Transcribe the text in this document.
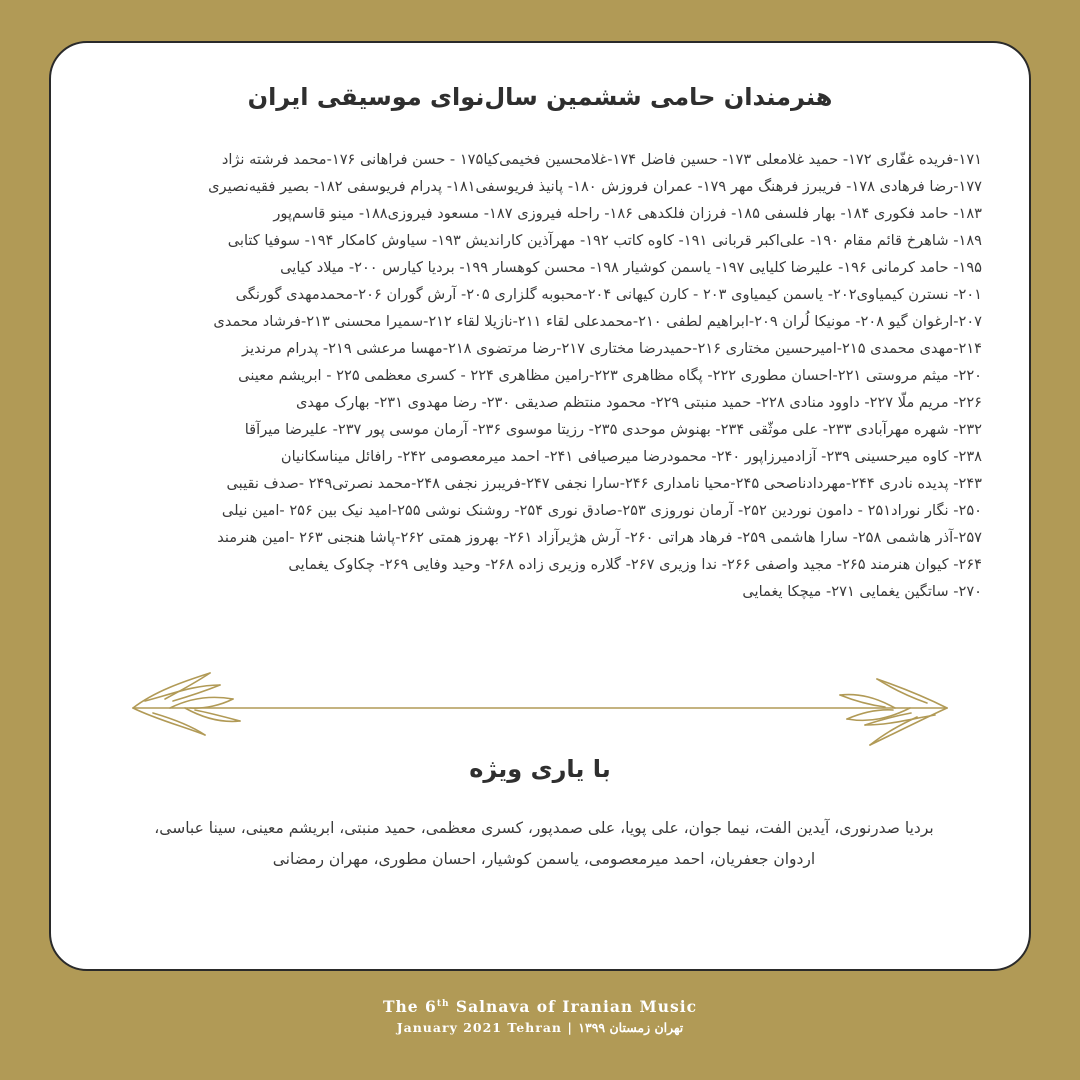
هنرمندان حامی ششمین سال‌نوای موسیقی ایران
۱۷۱-فریده غفّاری ۱۷۲- حمید غلامعلی ۱۷۳- حسین فاضل ۱۷۴-غلامحسین فخیمی‌کیا۱۷۵ - حسن فراهانی ۱۷۶-محمد فرشته نژاد
۱۷۷-رضا فرهادی ۱۷۸- فریبرز فرهنگ مهر ۱۷۹- عمران فروزش ۱۸۰- پانیذ فریوسفی۱۸۱- پدرام فریوسفی ۱۸۲- بصیر فقیه‌نصیری
۱۸۳- حامد فکوری ۱۸۴- بهار فلسفی ۱۸۵- فرزان فلکدهی ۱۸۶- راحله فیروزی ۱۸۷- مسعود فیروزی۱۸۸- مینو قاسم‌پور
۱۸۹- شاهرخ قائم مقام ۱۹۰- علی‌اکبر قربانی ۱۹۱- کاوه کاتب ۱۹۲- مهرآذین کاراندیش ۱۹۳- سیاوش کامکار ۱۹۴- سوفیا کتابی
۱۹۵- حامد کرمانی ۱۹۶- علیرضا کلیایی ۱۹۷- یاسمن کوشیار ۱۹۸- محسن کوهسار ۱۹۹- بردیا کیارس ۲۰۰- میلاد کیایی
۲۰۱- نسترن کیمیاوی۲۰۲- یاسمن کیمیاوی ۲۰۳ - کارن کیهانی ۲۰۴-محبوبه گلزاری ۲۰۵- آرش گوران ۲۰۶-محمدمهدی گورنگی
۲۰۷-ارغوان گیو ۲۰۸- مونیکا لُران ۲۰۹-ابراهیم لطفی ۲۱۰-محمدعلی لقاء ۲۱۱-نازیلا لقاء ۲۱۲-سمیرا محسنی ۲۱۳-فرشاد محمدی
۲۱۴-مهدی محمدی ۲۱۵-امیرحسین مختاری ۲۱۶-حمیدرضا مختاری ۲۱۷-رضا مرتضوی ۲۱۸-مهسا مرعشی ۲۱۹- پدرام مرندیز
۲۲۰- میثم مروستی ۲۲۱-احسان مطوری ۲۲۲- پگاه مظاهری ۲۲۳-رامین مظاهری ۲۲۴ - کسری معظمی ۲۲۵ - ابریشم معینی
۲۲۶- مریم ملّا ۲۲۷- داوود منادی ۲۲۸- حمید منبتی ۲۲۹- محمود منتظم صدیقی ۲۳۰- رضا مهدوی ۲۳۱- بهارک مهدی
۲۳۲- شهره مهرآبادی ۲۳۳- علی موثّقی ۲۳۴- بهنوش موحدی ۲۳۵- رزیتا موسوی ۲۳۶- آرمان موسی پور ۲۳۷- علیرضا میرآقا
۲۳۸- کاوه میرحسینی ۲۳۹- آزادمیرزاپور ۲۴۰- محمودرضا میرصیافی ۲۴۱- احمد میرمعصومی ۲۴۲- رافائل میناسکانیان
۲۴۳- پدیده نادری ۲۴۴-مهردادناصحی ۲۴۵-محیا نامداری ۲۴۶-سارا نجفی ۲۴۷-فریبرز نجفی ۲۴۸-محمد نصرتی۲۴۹ -صدف نقیبی
۲۵۰- نگار نوراد۲۵۱ - دامون نوردین ۲۵۲- آرمان نوروزی ۲۵۳-صادق نوری ۲۵۴- روشنک نوشی ۲۵۵-امید نیک بین ۲۵۶ -امین نیلی
۲۵۷-آذر هاشمی ۲۵۸- سارا هاشمی ۲۵۹- فرهاد هراتی ۲۶۰- آرش هژیرآزاد ۲۶۱- بهروز همتی ۲۶۲-پاشا هنجنی ۲۶۳ -امین هنرمند
۲۶۴- کیوان هنرمند ۲۶۵- مجید واصفی ۲۶۶- ندا وزیری ۲۶۷- گلاره وزیری زاده ۲۶۸- وحید وفایی ۲۶۹- چکاوک یغمایی
۲۷۰- ساتگین یغمایی ۲۷۱- میچکا یغمایی
با یاری ویژه
بردیا صدرنوری، آیدین الفت، نیما جوان، علی پویا، علی صمدپور، کسری معظمی، حمید منبتی، ابریشم معینی، سینا عباسی،
اردوان جعفریان، احمد میرمعصومی، یاسمن کوشیار، احسان مطوری، مهران رمضانی
The 6th Salnava of Iranian Music
January 2021 Tehran | تهران زمستان ۱۳۹۹
